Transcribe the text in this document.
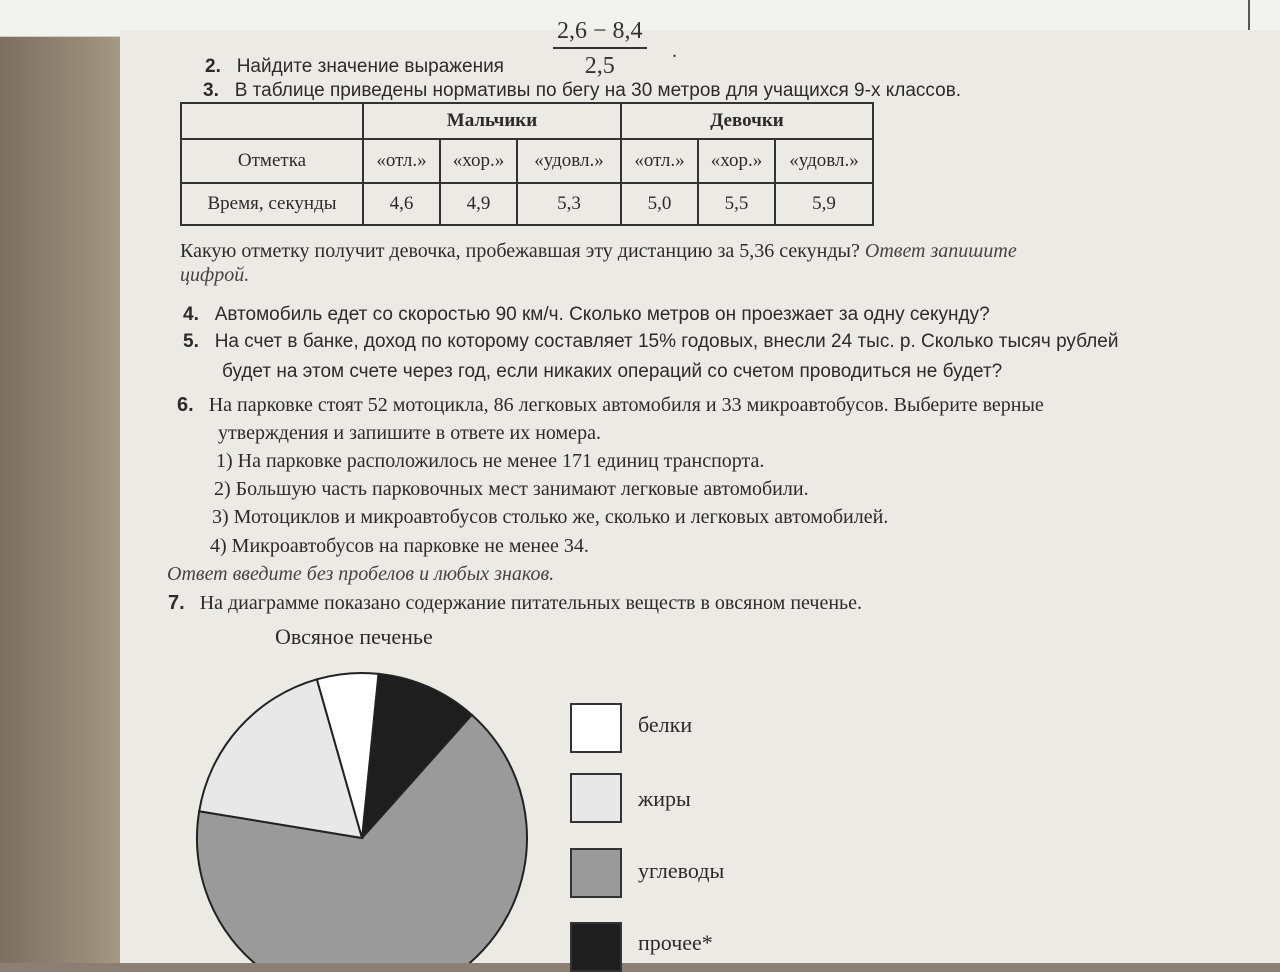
$\frac{2,6 - 8,4}{2,5}$ .
2. Найдите значение выражения
3. В таблице приведены нормативы по бегу на 30 метров для учащихся 9-х классов.
	Мальчики			Девочки		
Отметка	«отл.»	«хор.»	«удовл.»	«отл.»	«хор.»	«удовл.»
Время, секунды	4,6	4,9	5,3	5,0	5,5	5,9
Какую отметку получит девочка, пробежавшая эту дистанцию за 5,36 секунды? Ответ запишите
цифрой.
4. Автомобиль едет со скоростью 90 км/ч. Сколько метров он проезжает за одну секунду?
5. На счет в банке, доход по которому составляет 15% годовых, внесли 24 тыс. р. Сколько тысяч рублей
будет на этом счете через год, если никаких операций со счетом проводиться не будет?
6. На парковке стоят 52 мотоцикла, 86 легковых автомобиля и 33 микроавтобусов. Выберите верные
утверждения и запишите в ответе их номера.
1) На парковке расположилось не менее 171 единиц транспорта.
2) Большую часть парковочных мест занимают легковые автомобили.
3) Мотоциклов и микроавтобусов столько же, сколько и легковых автомобилей.
4) Микроавтобусов на парковке не менее 34.
Ответ введите без пробелов и любых знаков.
7. На диаграмме показано содержание питательных веществ в овсяном печенье.
Овсяное печенье
белки
жиры
углеводы
прочее*
